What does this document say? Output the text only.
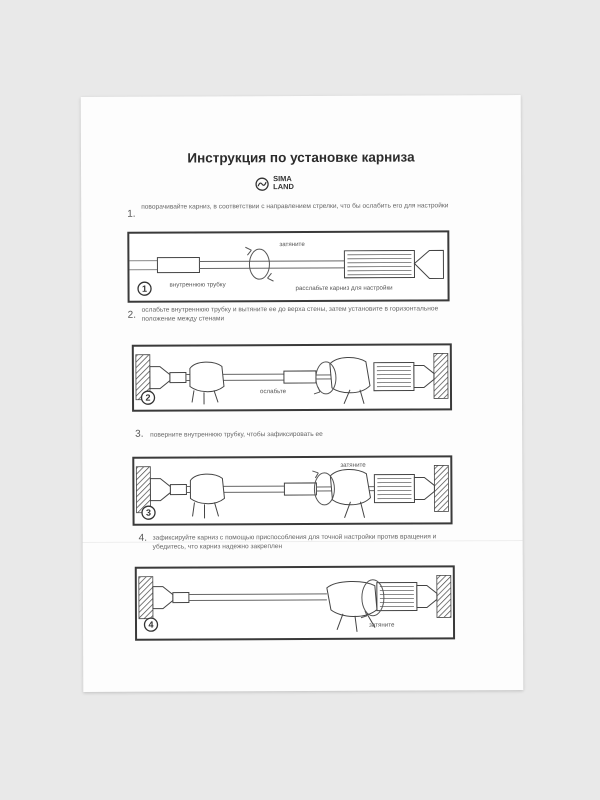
Инструкция по установке карниза
SIMA
LAND
1.
поворачивайте карниз, в соответствии с направлением стрелки, что бы ослабить его для настройки
1
затяните
внутреннюю трубку	расслабьте карниз для настройки
2.
ослабьте внутреннюю трубку и вытяните ее до верха стены, затем установите в горизонтальное положение между стенами
2
ослабьте
3. поверните внутреннюю трубку, чтобы зафиксировать ее
3
затяните
4. зафиксируйте карниз с помощью приспособления для точной настройки против вращения и убедитесь, что карниз надежно закреплен
4	затяните
